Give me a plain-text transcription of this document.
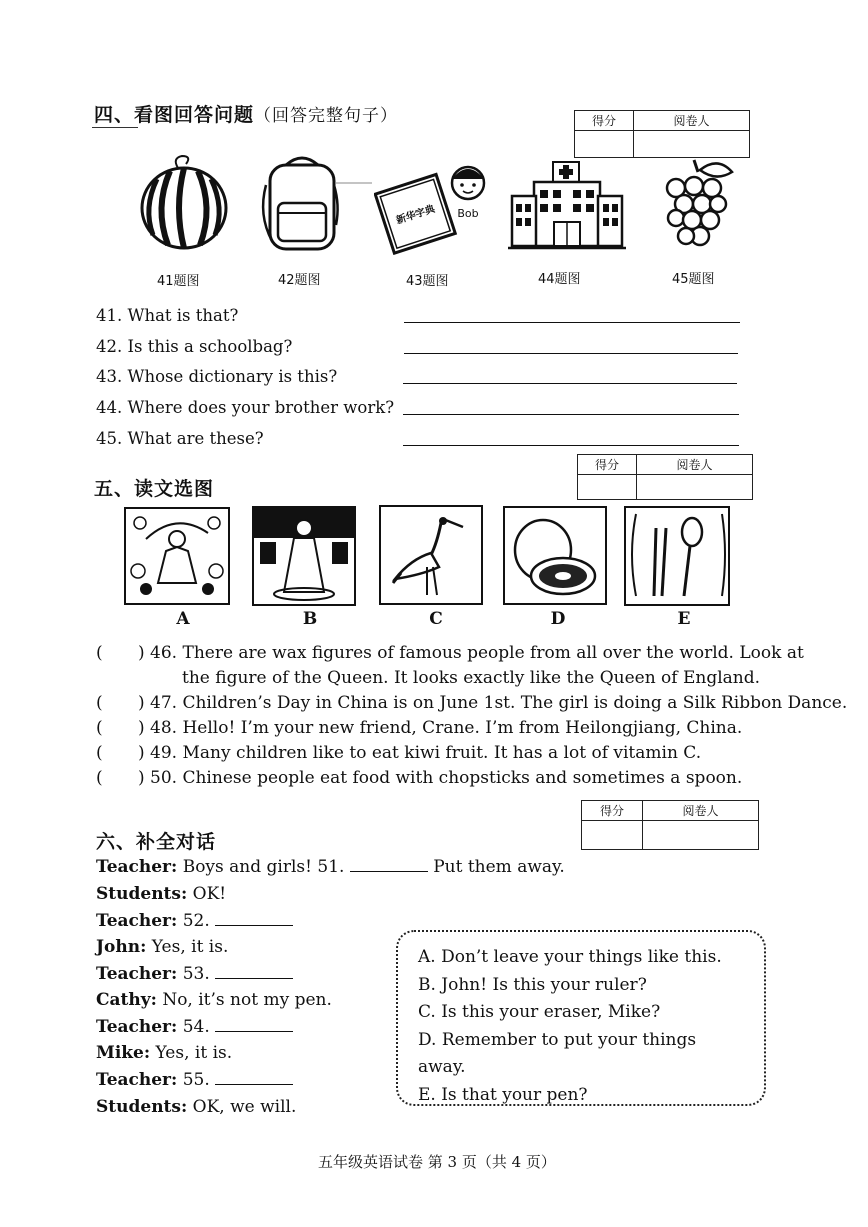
四、看图回答问题（回答完整句子）	得分	阅卷人

新华字典 Bob
41题图	42题图	43题图	44题图	45题图
41. What is that?
42. Is this a schoolbag?
43. Whose dictionary is this?
44. Where does your brother work?
45. What are these?
五、读文选图
得分	阅卷人

A	B	C	D	E
( ) 46. There are wax figures of famous people from all over the world. Look at
the figure of the Queen. It looks exactly like the Queen of England.
( ) 47. Children’s Day in China is on June 1st. The girl is doing a Silk Ribbon Dance.
( ) 48. Hello! I’m your new friend, Crane. I’m from Heilongjiang, China.
( ) 49. Many children like to eat kiwi fruit. It has a lot of vitamin C.
( ) 50. Chinese people eat food with chopsticks and sometimes a spoon.
得分	阅卷人

六、补全对话
Teacher: Boys and girls! 51.	Put them away.
Students: OK!
Teacher: 52.
John: Yes, it is.
Teacher: 53.
Cathy: No, it’s not my pen.
Teacher: 54.
Mike: Yes, it is.
Teacher: 55.
Students: OK, we will.
A. Don’t leave your things like this.
B. John! Is this your ruler?
C. Is this your eraser, Mike?
D. Remember to put your things away.
E. Is that your pen?
五年级英语试卷 第 3 页（共 4 页）
